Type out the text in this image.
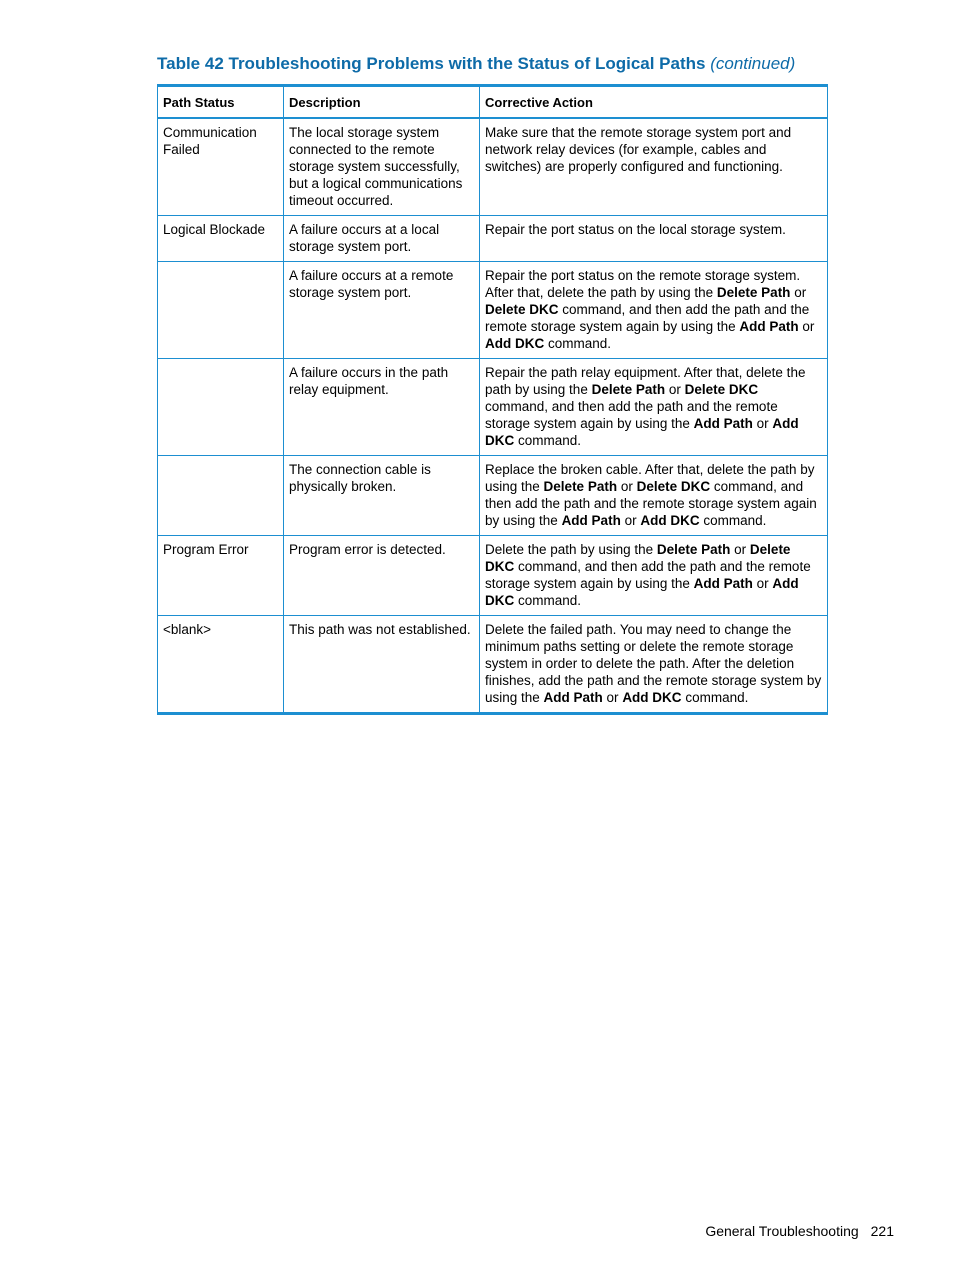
Table 42 Troubleshooting Problems with the Status of Logical Paths (continued)
Path Status	Description	Corrective Action
Communication Failed	The local storage system connected to the remote storage system successfully, but a logical communications timeout occurred.	Make sure that the remote storage system port and network relay devices (for example, cables and switches) are properly configured and functioning.
Logical Blockade	A failure occurs at a local storage system port.	Repair the port status on the local storage system.
	A failure occurs at a remote storage system port.	Repair the port status on the remote storage system. After that, delete the path by using the Delete Path or Delete DKC command, and then add the path and the remote storage system again by using the Add Path or Add DKC command.
	A failure occurs in the path relay equipment.	Repair the path relay equipment. After that, delete the path by using the Delete Path or Delete DKC command, and then add the path and the remote storage system again by using the Add Path or Add DKC command.
	The connection cable is physically broken.	Replace the broken cable. After that, delete the path by using the Delete Path or Delete DKC command, and then add the path and the remote storage system again by using the Add Path or Add DKC command.
Program Error	Program error is detected.	Delete the path by using the Delete Path or Delete DKC command, and then add the path and the remote storage system again by using the Add Path or Add DKC command.
<blank>	This path was not established.	Delete the failed path. You may need to change the minimum paths setting or delete the remote storage system in order to delete the path. After the deletion finishes, add the path and the remote storage system by using the Add Path or Add DKC command.
General Troubleshooting 221
